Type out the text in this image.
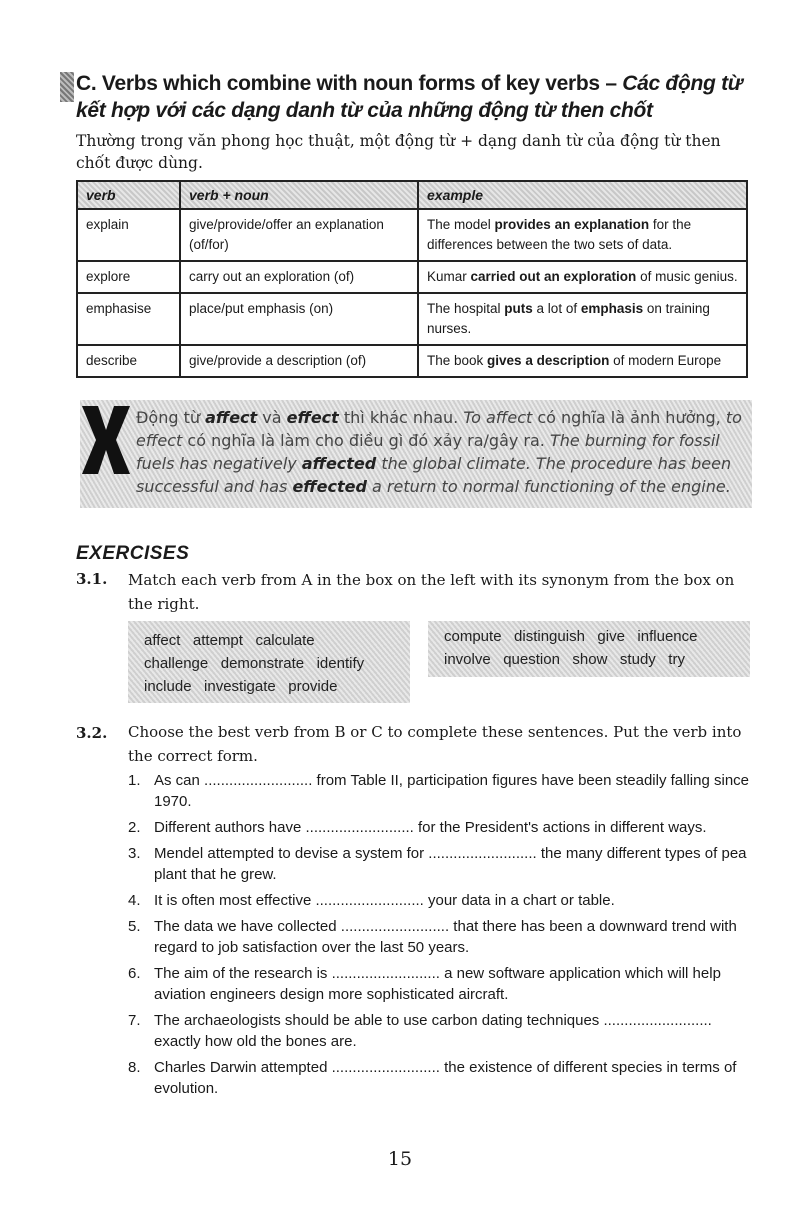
C. Verbs which combine with noun forms of key verbs – Các động từ kết hợp với các dạng danh từ của những động từ then chốt
Thường trong văn phong học thuật, một động từ + dạng danh từ của động từ then chốt được dùng.
verb	verb + noun	example
explain	give/provide/offer an explanation (of/for)	The model provides an explanation for the differences between the two sets of data.
explore	carry out an exploration (of)	Kumar carried out an exploration of music genius.
emphasise	place/put emphasis (on)	The hospital puts a lot of emphasis on training nurses.
describe	give/provide a description (of)	The book gives a description of modern Europe
Động từ affect và effect thì khác nhau. To affect có nghĩa là ảnh hưởng, to effect có nghĩa là làm cho điều gì đó xảy ra/gây ra. The burning for fossil fuels has negatively affected the global climate. The procedure has been successful and has effected a return to normal functioning of the engine.
EXERCISES
3.1. Match each verb from A in the box on the left with its synonym from the box on the right.
affect   attempt   calculate
challenge   demonstrate   identify
include   investigate   provide
compute   distinguish   give   influence
involve   question   show   study   try
3.2. Choose the best verb from B or C to complete these sentences. Put the verb into the correct form.
1. As can .......................... from Table II, participation figures have been steadily falling since 1970.
2. Different authors have .......................... for the President's actions in different ways.
3. Mendel attempted to devise a system for .......................... the many different types of pea plant that he grew.
4. It is often most effective .......................... your data in a chart or table.
5. The data we have collected .......................... that there has been a downward trend with regard to job satisfaction over the last 50 years.
6. The aim of the research is .......................... a new software application which will help aviation engineers design more sophisticated aircraft.
7. The archaeologists should be able to use carbon dating techniques .......................... exactly how old the bones are.
8. Charles Darwin attempted .......................... the existence of different species in terms of evolution.
15
